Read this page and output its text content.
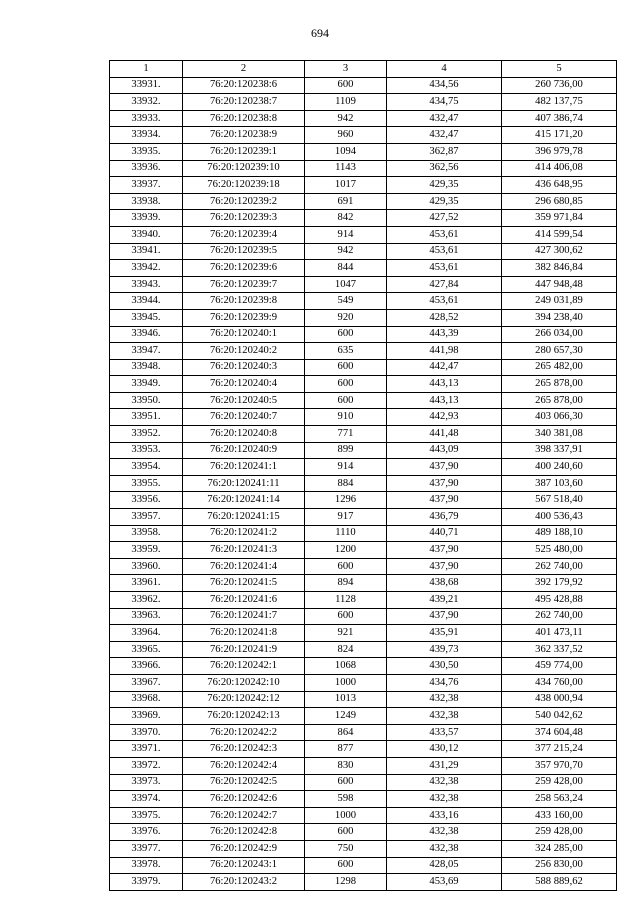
694
1	2	3	4	5
33931.	76:20:120238:6	600	434,56	260 736,00
33932.	76:20:120238:7	1109	434,75	482 137,75
33933.	76:20:120238:8	942	432,47	407 386,74
33934.	76:20:120238:9	960	432,47	415 171,20
33935.	76:20:120239:1	1094	362,87	396 979,78
33936.	76:20:120239:10	1143	362,56	414 406,08
33937.	76:20:120239:18	1017	429,35	436 648,95
33938.	76:20:120239:2	691	429,35	296 680,85
33939.	76:20:120239:3	842	427,52	359 971,84
33940.	76:20:120239:4	914	453,61	414 599,54
33941.	76:20:120239:5	942	453,61	427 300,62
33942.	76:20:120239:6	844	453,61	382 846,84
33943.	76:20:120239:7	1047	427,84	447 948,48
33944.	76:20:120239:8	549	453,61	249 031,89
33945.	76:20:120239:9	920	428,52	394 238,40
33946.	76:20:120240:1	600	443,39	266 034,00
33947.	76:20:120240:2	635	441,98	280 657,30
33948.	76:20:120240:3	600	442,47	265 482,00
33949.	76:20:120240:4	600	443,13	265 878,00
33950.	76:20:120240:5	600	443,13	265 878,00
33951.	76:20:120240:7	910	442,93	403 066,30
33952.	76:20:120240:8	771	441,48	340 381,08
33953.	76:20:120240:9	899	443,09	398 337,91
33954.	76:20:120241:1	914	437,90	400 240,60
33955.	76:20:120241:11	884	437,90	387 103,60
33956.	76:20:120241:14	1296	437,90	567 518,40
33957.	76:20:120241:15	917	436,79	400 536,43
33958.	76:20:120241:2	1110	440,71	489 188,10
33959.	76:20:120241:3	1200	437,90	525 480,00
33960.	76:20:120241:4	600	437,90	262 740,00
33961.	76:20:120241:5	894	438,68	392 179,92
33962.	76:20:120241:6	1128	439,21	495 428,88
33963.	76:20:120241:7	600	437,90	262 740,00
33964.	76:20:120241:8	921	435,91	401 473,11
33965.	76:20:120241:9	824	439,73	362 337,52
33966.	76:20:120242:1	1068	430,50	459 774,00
33967.	76:20:120242:10	1000	434,76	434 760,00
33968.	76:20:120242:12	1013	432,38	438 000,94
33969.	76:20:120242:13	1249	432,38	540 042,62
33970.	76:20:120242:2	864	433,57	374 604,48
33971.	76:20:120242:3	877	430,12	377 215,24
33972.	76:20:120242:4	830	431,29	357 970,70
33973.	76:20:120242:5	600	432,38	259 428,00
33974.	76:20:120242:6	598	432,38	258 563,24
33975.	76:20:120242:7	1000	433,16	433 160,00
33976.	76:20:120242:8	600	432,38	259 428,00
33977.	76:20:120242:9	750	432,38	324 285,00
33978.	76:20:120243:1	600	428,05	256 830,00
33979.	76:20:120243:2	1298	453,69	588 889,62
